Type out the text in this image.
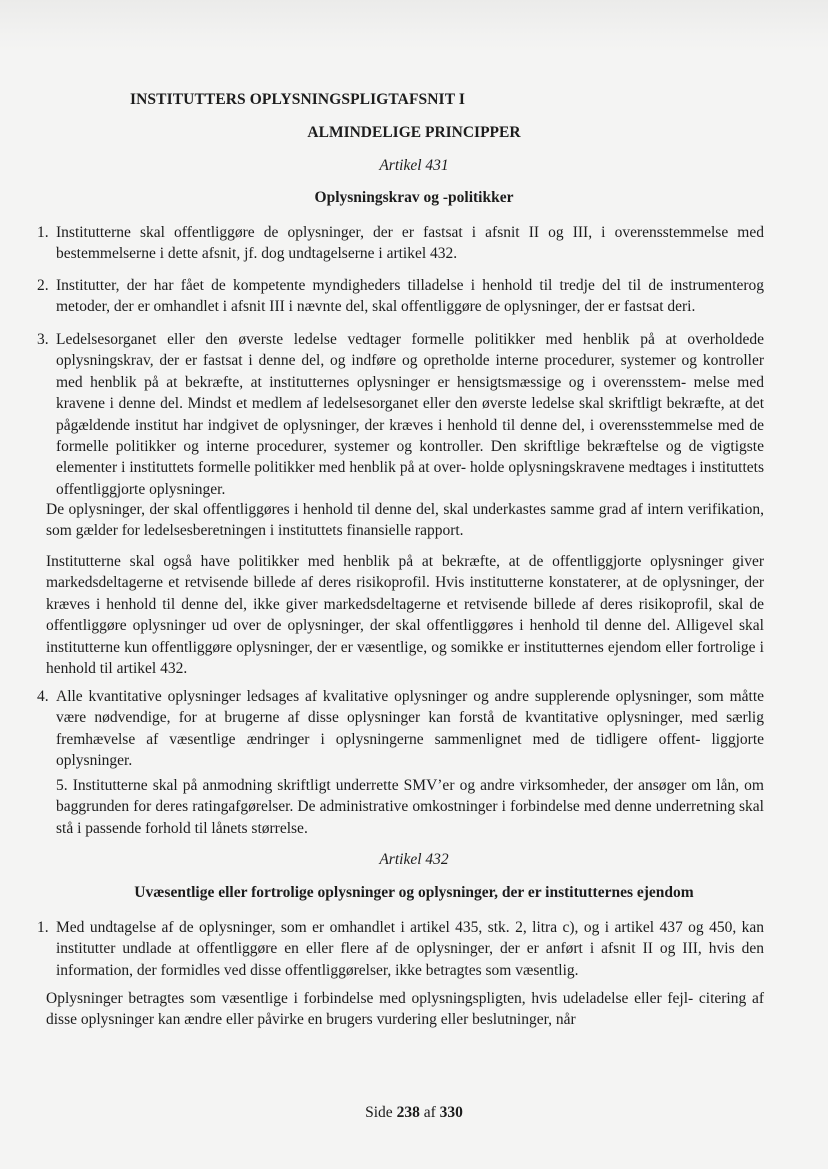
INSTITUTTERS OPLYSNINGSPLIGTAFSNIT I
ALMINDELIGE PRINCIPPER
Artikel 431
Oplysningskrav og -politikker
1. Institutterne skal offentliggøre de oplysninger, der er fastsat i afsnit II og III, i overensstemmelse med bestemmelserne i dette afsnit, jf. dog undtagelserne i artikel 432.
2. Institutter, der har fået de kompetente myndigheders tilladelse i henhold til tredje del til de instrumenterog metoder, der er omhandlet i afsnit III i nævnte del, skal offentliggøre de oplysninger, der er fastsat deri.
3. Ledelsesorganet eller den øverste ledelse vedtager formelle politikker med henblik på at overholdede oplysningskrav, der er fastsat i denne del, og indføre og opretholde interne procedurer, systemer og kontroller med henblik på at bekræfte, at institutternes oplysninger er hensigtsmæssige og i overensstem- melse med kravene i denne del. Mindst et medlem af ledelsesorganet eller den øverste ledelse skal skriftligt bekræfte, at det pågældende institut har indgivet de oplysninger, der kræves i henhold til denne del, i overensstemmelse med de formelle politikker og interne procedurer, systemer og kontroller. Den skriftlige bekræftelse og de vigtigste elementer i instituttets formelle politikker med henblik på at over- holde oplysningskravene medtages i instituttets offentliggjorte oplysninger.
De oplysninger, der skal offentliggøres i henhold til denne del, skal underkastes samme grad af intern verifikation, som gælder for ledelsesberetningen i instituttets finansielle rapport.
Institutterne skal også have politikker med henblik på at bekræfte, at de offentliggjorte oplysninger giver markedsdeltagerne et retvisende billede af deres risikoprofil. Hvis institutterne konstaterer, at de oplysninger, der kræves i henhold til denne del, ikke giver markedsdeltagerne et retvisende billede af deres risikoprofil, skal de offentliggøre oplysninger ud over de oplysninger, der skal offentliggøres i henhold til denne del. Alligevel skal institutterne kun offentliggøre oplysninger, der er væsentlige, og somikke er institutternes ejendom eller fortrolige i henhold til artikel 432.
4. Alle kvantitative oplysninger ledsages af kvalitative oplysninger og andre supplerende oplysninger, som måtte være nødvendige, for at brugerne af disse oplysninger kan forstå de kvantitative oplysninger, med særlig fremhævelse af væsentlige ændringer i oplysningerne sammenlignet med de tidligere offent- liggjorte oplysninger.
5. Institutterne skal på anmodning skriftligt underrette SMV’er og andre virksomheder, der ansøger om lån, om baggrunden for deres ratingafgørelser. De administrative omkostninger i forbindelse med denne underretning skal stå i passende forhold til lånets størrelse.
Artikel 432
Uvæsentlige eller fortrolige oplysninger og oplysninger, der er institutternes ejendom
1. Med undtagelse af de oplysninger, som er omhandlet i artikel 435, stk. 2, litra c), og i artikel 437 og 450, kan institutter undlade at offentliggøre en eller flere af de oplysninger, der er anført i afsnit II og III, hvis den information, der formidles ved disse offentliggørelser, ikke betragtes som væsentlig.
Oplysninger betragtes som væsentlige i forbindelse med oplysningspligten, hvis udeladelse eller fejl- citering af disse oplysninger kan ændre eller påvirke en brugers vurdering eller beslutninger, når
Side 238 af 330
